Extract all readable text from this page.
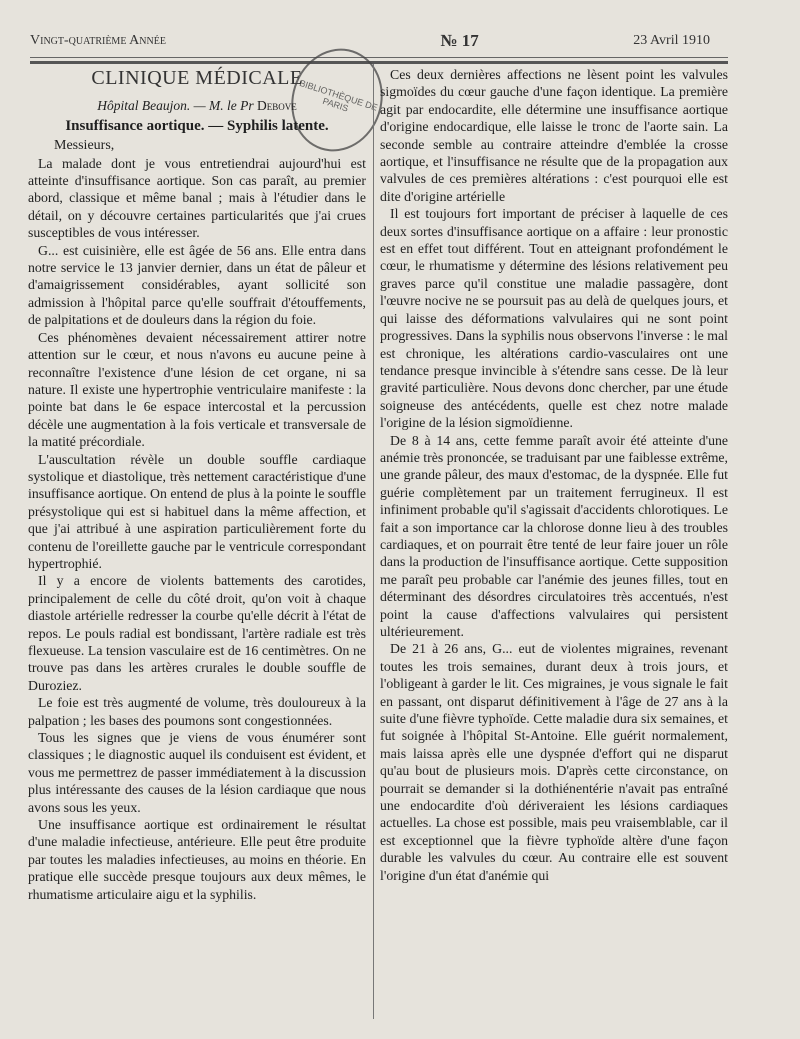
Vingt-quatrième Année	№ 17	23 Avril 1910
BIBLIOTHÈQUE DE PARIS
CLINIQUE MÉDICALE
Hôpital Beaujon. — M. le Pr Debove
Insuffisance aortique. — Syphilis latente.
Messieurs,

La malade dont je vous entretiendrai aujourd'hui est atteinte d'insuffisance aortique. Son cas paraît, au premier abord, classique et même banal ; mais à l'étudier dans le détail, on y découvre certaines particularités que j'ai crues susceptibles de vous intéresser.

G... est cuisinière, elle est âgée de 56 ans. Elle entra dans notre service le 13 janvier dernier, dans un état de pâleur et d'amaigrissement considérables, ayant sollicité son admission à l'hôpital parce qu'elle souffrait d'étouffements, de palpitations et de douleurs dans la région du foie.

Ces phénomènes devaient nécessairement attirer notre attention sur le cœur, et nous n'avons eu aucune peine à reconnaître l'existence d'une lésion de cet organe, ni sa nature. Il existe une hypertrophie ventriculaire manifeste : la pointe bat dans le 6e espace intercostal et la percussion décèle une augmentation à la fois verticale et transversale de la matité précordiale.

L'auscultation révèle un double souffle cardiaque systolique et diastolique, très nettement caractéristique d'une insuffisance aortique. On entend de plus à la pointe le souffle présystolique qui est si habituel dans la même affection, et que j'ai attribué à une aspiration particulièrement forte du contenu de l'oreillette gauche par le ventricule correspondant hypertrophié.

Il y a encore de violents battements des carotides, principalement de celle du côté droit, qu'on voit à chaque diastole artérielle redresser la courbe qu'elle décrit à l'état de repos. Le pouls radial est bondissant, l'artère radiale est très flexueuse. La tension vasculaire est de 16 centimètres. On ne trouve pas dans les artères crurales le double souffle de Duroziez.

Le foie est très augmenté de volume, très douloureux à la palpation ; les bases des poumons sont congestionnées.

Tous les signes que je viens de vous énumérer sont classiques ; le diagnostic auquel ils conduisent est évident, et vous me permettrez de passer immédiatement à la discussion plus intéressante des causes de la lésion cardiaque que nous avons sous les yeux.

Une insuffisance aortique est ordinairement le résultat d'une maladie infectieuse, antérieure. Elle peut être produite par toutes les maladies infectieuses, au moins en théorie. En pratique elle succède presque toujours aux deux mêmes, le rhumatisme articulaire aigu et la syphilis.

Ces deux dernières affections ne lèsent point les valvules sigmoïdes du cœur gauche d'une façon identique. La première agit par endocardite, elle détermine une insuffisance aortique d'origine endocardique, elle laisse le tronc de l'aorte sain. La seconde semble au contraire atteindre d'emblée la crosse aortique, et l'insuffisance ne résulte que de la propagation aux valvules de ces premières altérations : c'est pourquoi elle est dite d'origine artérielle

Il est toujours fort important de préciser à laquelle de ces deux sortes d'insuffisance aortique on a affaire : leur pronostic est en effet tout différent. Tout en atteignant profondément le cœur, le rhumatisme y détermine des lésions relativement peu graves parce qu'il constitue une maladie passagère, dont l'œuvre nocive ne se poursuit pas au delà de quelques jours, et qui laisse des déformations valvulaires qui ne sont point progressives. Dans la syphilis nous observons l'inverse : le mal est chronique, les altérations cardio-vasculaires ont une tendance presque invincible à s'étendre sans cesse. De là leur gravité particulière. Nous devons donc chercher, par une étude soigneuse des antécédents, quelle est chez notre malade l'origine de la lésion sigmoïdienne.

De 8 à 14 ans, cette femme paraît avoir été atteinte d'une anémie très prononcée, se traduisant par une faiblesse extrême, une grande pâleur, des maux d'estomac, de la dyspnée. Elle fut guérie complètement par un traitement ferrugineux. Il est infiniment probable qu'il s'agissait d'accidents chlorotiques. Le fait a son importance car la chlorose donne lieu à des troubles cardiaques, et on pourrait être tenté de leur faire jouer un rôle dans la production de l'insuffisance aortique. Cette supposition me paraît peu probable car l'anémie des jeunes filles, tout en déterminant des désordres circulatoires très accentués, n'est point la cause d'affections valvulaires qui persistent ultérieurement.

De 21 à 26 ans, G... eut de violentes migraines, revenant toutes les trois semaines, durant deux à trois jours, et l'obligeant à garder le lit. Ces migraines, je vous signale le fait en passant, ont disparut définitivement à l'âge de 27 ans à la suite d'une fièvre typhoïde. Cette maladie dura six semaines, et fut soignée à l'hôpital St-Antoine. Elle guérit normalement, mais laissa après elle une dyspnée d'effort qui ne disparut qu'au bout de plusieurs mois. D'après cette circonstance, on pourrait se demander si la dothiénentérie n'avait pas entraîné une endocardite d'où dériveraient les lésions cardiaques actuelles. La chose est possible, mais peu vraisemblable, car il est exceptionnel que la fièvre typhoïde altère d'une façon durable les valvules du cœur. Au contraire elle est souvent l'origine d'un état d'anémie qui
